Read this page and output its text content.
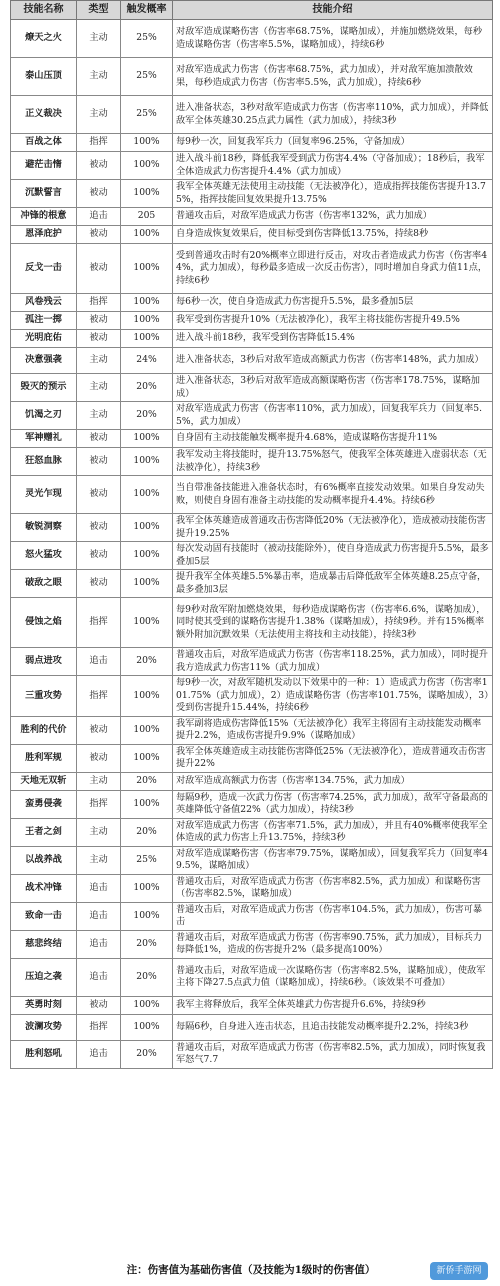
技能名称	类型	触发概率	技能介绍
燎天之火	主动	25%	对敌军造成谋略伤害（伤害率68.75%，谋略加成），并施加燃烧效果，每秒造成谋略伤害（伤害率5.5%，谋略加成），持续6秒
泰山压顶	主动	25%	对敌军造成武力伤害（伤害率68.75%，武力加成），并对敌军施加溃散效果，每秒造成武力伤害（伤害率5.5%，武力加成），持续6秒
正义裁决	主动	25%	进入准备状态，3秒对敌军造成武力伤害（伤害率110%，武力加成），并降低敌军全体英雄30.25点武力属性（武力加成），持续3秒
百战之体	指挥	100%	每9秒一次，回复我军兵力（回复率96.25%，守备加成）
避茫击惰	被动	100%	进入战斗前18秒，降低我军受到武力伤害4.4%（守备加成）；18秒后，我军全体造成武力伤害提升4.4%（武力加成）
沉默誓言	被动	100%	我军全体英雄无法使用主动技能（无法被净化），造成指挥技能伤害提升13.75%，指挥技能回复效果提升13.75%
冲锋的根意	追击	205	普通攻击后，对敌军造成武力伤害（伤害率132%，武力加成）
恩泽庇护	被动	100%	自身造成恢复效果后，使目标受到伤害降低13.75%，持续8秒
反戈一击	被动	100%	受到普通攻击时有20%概率立即进行反击，对攻击者造成武力伤害（伤害率44%，武力加成），每秒最多造成一次反击伤害），同时增加自身武力值11点，持续6秒
风卷残云	指挥	100%	每6秒一次，使自身造成武力伤害提升5.5%，最多叠加5层
孤注一掷	被动	100%	我军受到伤害提升10%（无法被净化），我军主将技能伤害提升49.5%
光明庇佑	被动	100%	进入战斗前18秒，我军受到伤害降低15.4%
决意强袭	主动	24%	进入准备状态，3秒后对敌军造成高额武力伤害（伤害率148%，武力加成）
毁灭的预示	主动	20%	进入准备状态，3秒后对敌军造成高额谋略伤害（伤害率178.75%，谋略加成）
饥渴之刃	主动	20%	对敌军造成武力伤害（伤害率110%，武力加成），回复我军兵力（回复率5.5%，武力加成）
军神赠礼	被动	100%	自身固有主动技能触发概率提升4.68%，造成谋略伤害提升11%
狂怒血脉	被动	100%	我军发动主将技能时，提升13.75%怒气，使我军全体英雄进入虚弱状态（无法被净化），持续3秒
灵光乍现	被动	100%	当自带准备技能进入准备状态时，有6%概率直接发动效果。如果自身发动失败，则使自身固有准备主动技能的发动概率提升4.4%。持续6秒
敏锐洞察	被动	100%	我军全体英雄造成普通攻击伤害降低20%（无法被净化），造成被动技能伤害提升19.25%
怒火猛攻	被动	100%	每次发动固有技能时（被动技能除外），使自身造成武力伤害提升5.5%，最多叠加5层
破敌之眼	被动	100%	提升我军全体英雄5.5%暴击率，造成暴击后降低敌军全体英雄8.25点守备，最多叠加3层
侵蚀之焰	指挥	100%	每9秒对敌军附加燃烧效果，每秒造成谋略伤害（伤害率6.6%，谋略加成），同时使其受到的谋略伤害提升1.38%（谋略加成），持续9秒。并有15%概率额外附加沉默效果（无法使用主将技和主动技能），持续3秒
弱点进攻	追击	20%	普通攻击后，对敌军造成武力伤害（伤害率118.25%，武力加成），同时提升我方造成武力伤害11%（武力加成）
三重攻势	指挥	100%	每9秒一次，对敌军随机发动以下效果中的一种：1）造成武力伤害（伤害率101.75%（武力加成），2）造成谋略伤害（伤害率101.75%，谋略加成），3）受到伤害提升15.44%，持续6秒
胜利的代价	被动	100%	我军副将造成伤害降低15%（无法被净化）我军主将固有主动技能发动概率提升2.2%，造成伤害提升9.9%（谋略加成）
胜利军规	被动	100%	我军全体英雄造成主动技能伤害降低25%（无法被净化），造成普通攻击伤害提升22%
天地无双斩	主动	20%	对敌军造成高额武力伤害（伤害率134.75%，武力加成）
蛮勇侵袭	指挥	100%	每隔9秒，造成一次武力伤害（伤害率74.25%，武力加成），敌军守备最高的英雄降低守备值22%（武力加成），持续3秒
王者之剑	主动	20%	对敌军造成武力伤害（伤害率71.5%，武力加成），并且有40%概率使我军全体造成的武力伤害上升13.75%，持续3秒
以战养战	主动	25%	对敌军造成谋略伤害（伤害率79.75%，谋略加成），回复我军兵力（回复率49.5%，谋略加成）
战术冲锋	追击	100%	普通攻击后，对敌军造成武力伤害（伤害率82.5%，武力加成）和谋略伤害（伤害率82.5%，谋略加成）
致命一击	追击	100%	普通攻击后，对敌军造成武力伤害（伤害率104.5%，武力加成），伤害可暴击
慈悲终结	追击	20%	普通攻击后，对敌军造成武力伤害（伤害率90.75%，武力加成），目标兵力每降低1%，造成的伤害提升2%（最多提高100%）
压迫之袭	追击	20%	普通攻击后，对敌军造成一次谋略伤害（伤害率82.5%，谋略加成），使敌军主将下降27.5点武力值（谋略加成），持续6秒。（该效果不可叠加）
英勇时刻	被动	100%	我军主将释放后，我军全体英雄武力伤害提升6.6%，持续9秒
波澜攻势	指挥	100%	每隔6秒，自身进入连击状态，且追击技能发动概率提升2.2%，持续3秒
胜利怒吼	追击	20%	普通攻击后，对敌军造成武力伤害（伤害率82.5%，武力加成），同时恢复我军怒气7.7
注：伤害值为基础伤害值（及技能为1级时的伤害值）	新侨手游网
